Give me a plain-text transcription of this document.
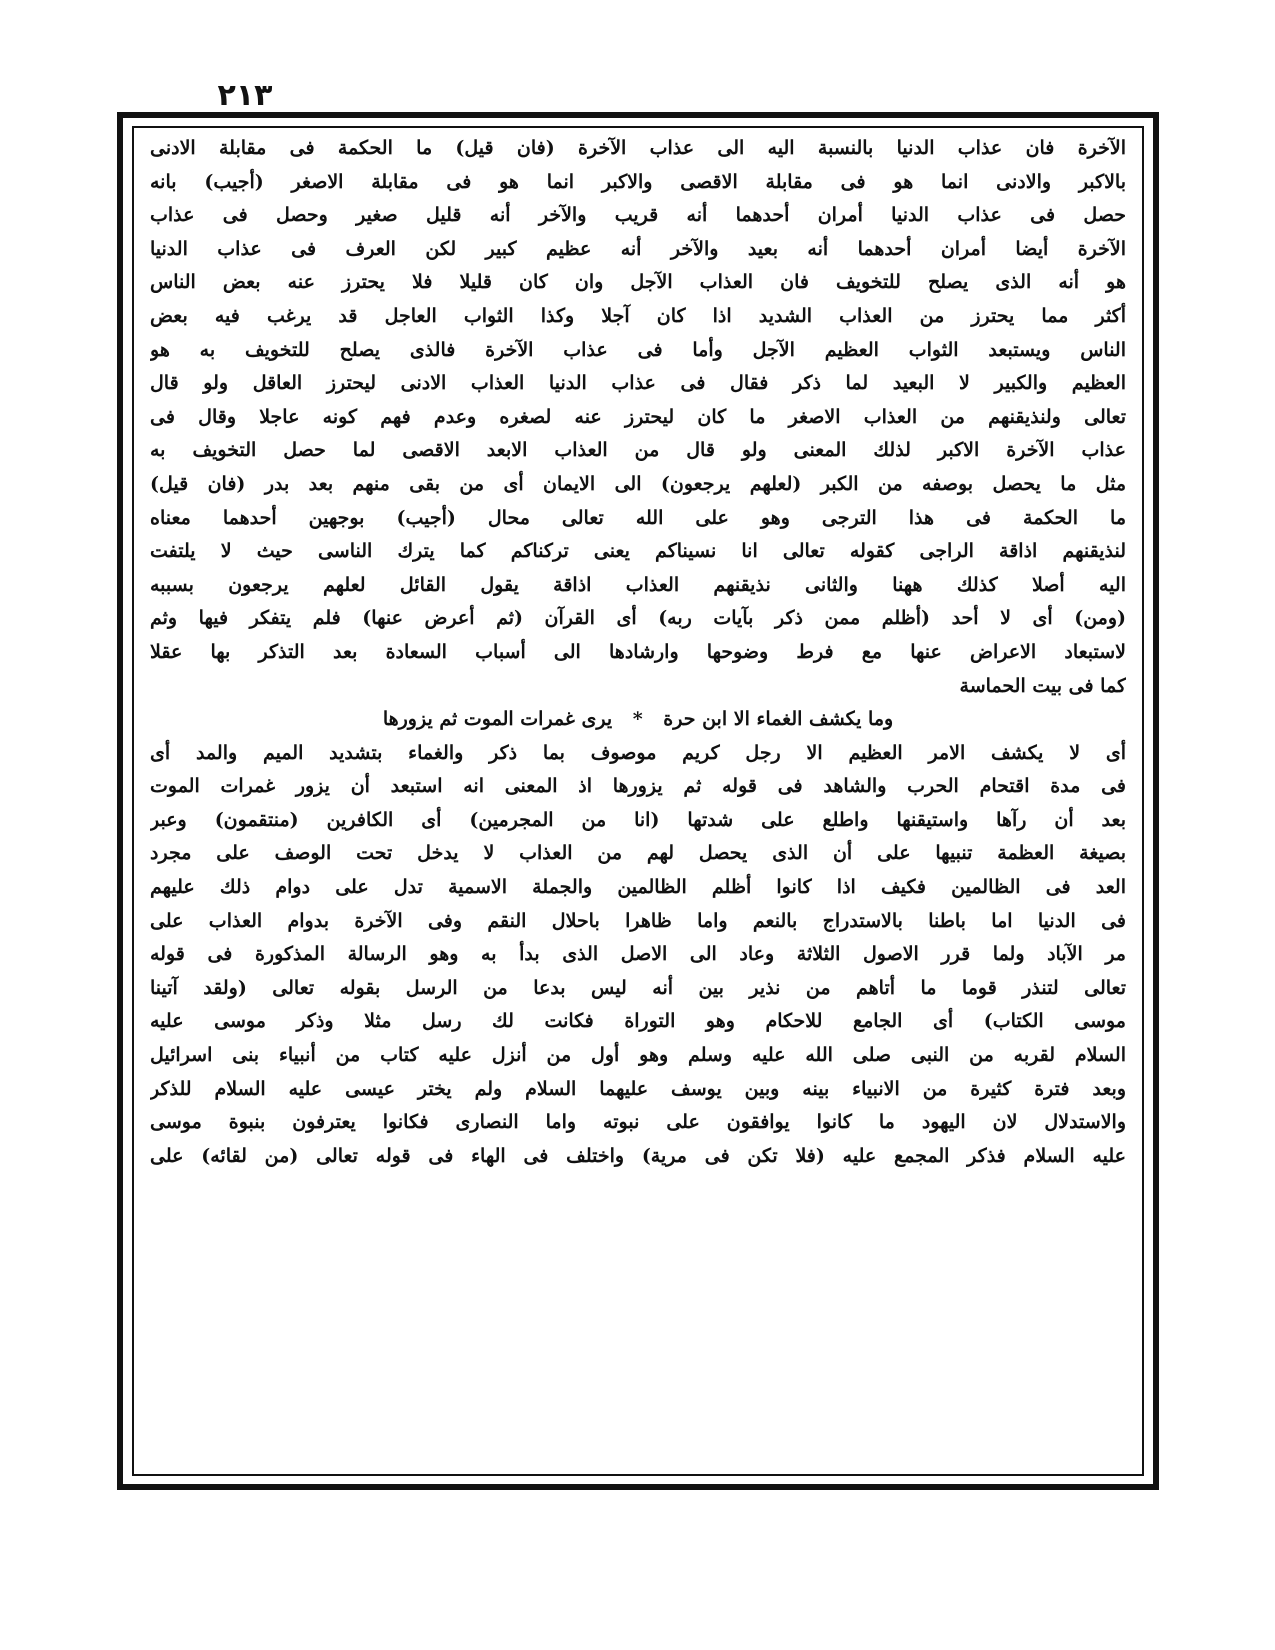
٢١٣
الآخرة فان عذاب الدنيا بالنسبة اليه الى عذاب الآخرة (فان قيل) ما الحكمة فى مقابلة الادنى
بالاكبر والادنى انما هو فى مقابلة الاقصى والاكبر انما هو فى مقابلة الاصغر (أجيب) بانه
حصل فى عذاب الدنيا أمران أحدهما أنه قريب والآخر أنه قليل صغير وحصل فى عذاب
الآخرة أيضا أمران أحدهما أنه بعيد والآخر أنه عظيم كبير لكن العرف فى عذاب الدنيا
هو أنه الذى يصلح للتخويف فان العذاب الآجل وان كان قليلا فلا يحترز عنه بعض الناس
أكثر مما يحترز من العذاب الشديد اذا كان آجلا وكذا الثواب العاجل قد يرغب فيه بعض
الناس ويستبعد الثواب العظيم الآجل وأما فى عذاب الآخرة فالذى يصلح للتخويف به هو
العظيم والكبير لا البعيد لما ذكر فقال فى عذاب الدنيا العذاب الادنى ليحترز العاقل ولو قال
تعالى ولنذيقنهم من العذاب الاصغر ما كان ليحترز عنه لصغره وعدم فهم كونه عاجلا وقال فى
عذاب الآخرة الاكبر لذلك المعنى ولو قال من العذاب الابعد الاقصى لما حصل التخويف به
مثل ما يحصل بوصفه من الكبر (لعلهم يرجعون) الى الايمان أى من بقى منهم بعد بدر (فان قيل)
ما الحكمة فى هذا الترجى وهو على الله تعالى محال (أجيب) بوجهين أحدهما معناه
لنذيقنهم اذاقة الراجى كقوله تعالى انا نسيناكم يعنى تركناكم كما يترك الناسى حيث لا يلتفت
اليه أصلا كذلك ههنا والثانى نذيقنهم العذاب اذاقة يقول القائل لعلهم يرجعون بسببه
(ومن) أى لا أحد (أظلم ممن ذكر بآيات ربه) أى القرآن (ثم أعرض عنها) فلم يتفكر فيها وثم
لاستبعاد الاعراض عنها مع فرط وضوحها وارشادها الى أسباب السعادة بعد التذكر بها عقلا
كما فى بيت الحماسة
وما يكشف الغماء الا ابن حرة * يرى غمرات الموت ثم يزورها
أى لا يكشف الامر العظيم الا رجل كريم موصوف بما ذكر والغماء بتشديد الميم والمد أى
فى مدة اقتحام الحرب والشاهد فى قوله ثم يزورها اذ المعنى انه استبعد أن يزور غمرات الموت
بعد أن رآها واستيقنها واطلع على شدتها (انا من المجرمين) أى الكافرين (منتقمون) وعبر
بصيغة العظمة تنبيها على أن الذى يحصل لهم من العذاب لا يدخل تحت الوصف على مجرد
العد فى الظالمين فكيف اذا كانوا أظلم الظالمين والجملة الاسمية تدل على دوام ذلك عليهم
فى الدنيا اما باطنا بالاستدراج بالنعم واما ظاهرا باحلال النقم وفى الآخرة بدوام العذاب على
مر الآباد ولما قرر الاصول الثلاثة وعاد الى الاصل الذى بدأ به وهو الرسالة المذكورة فى قوله
تعالى لتنذر قوما ما أتاهم من نذير بين أنه ليس بدعا من الرسل بقوله تعالى (ولقد آتينا
موسى الكتاب) أى الجامع للاحكام وهو التوراة فكانت لك رسل مثلا وذكر موسى عليه
السلام لقربه من النبى صلى الله عليه وسلم وهو أول من أنزل عليه كتاب من أنبياء بنى اسرائيل
وبعد فترة كثيرة من الانبياء بينه وبين يوسف عليهما السلام ولم يختر عيسى عليه السلام للذكر
والاستدلال لان اليهود ما كانوا يوافقون على نبوته واما النصارى فكانوا يعترفون بنبوة موسى
عليه السلام فذكر المجمع عليه (فلا تكن فى مرية) واختلف فى الهاء فى قوله تعالى (من لقائه) على
